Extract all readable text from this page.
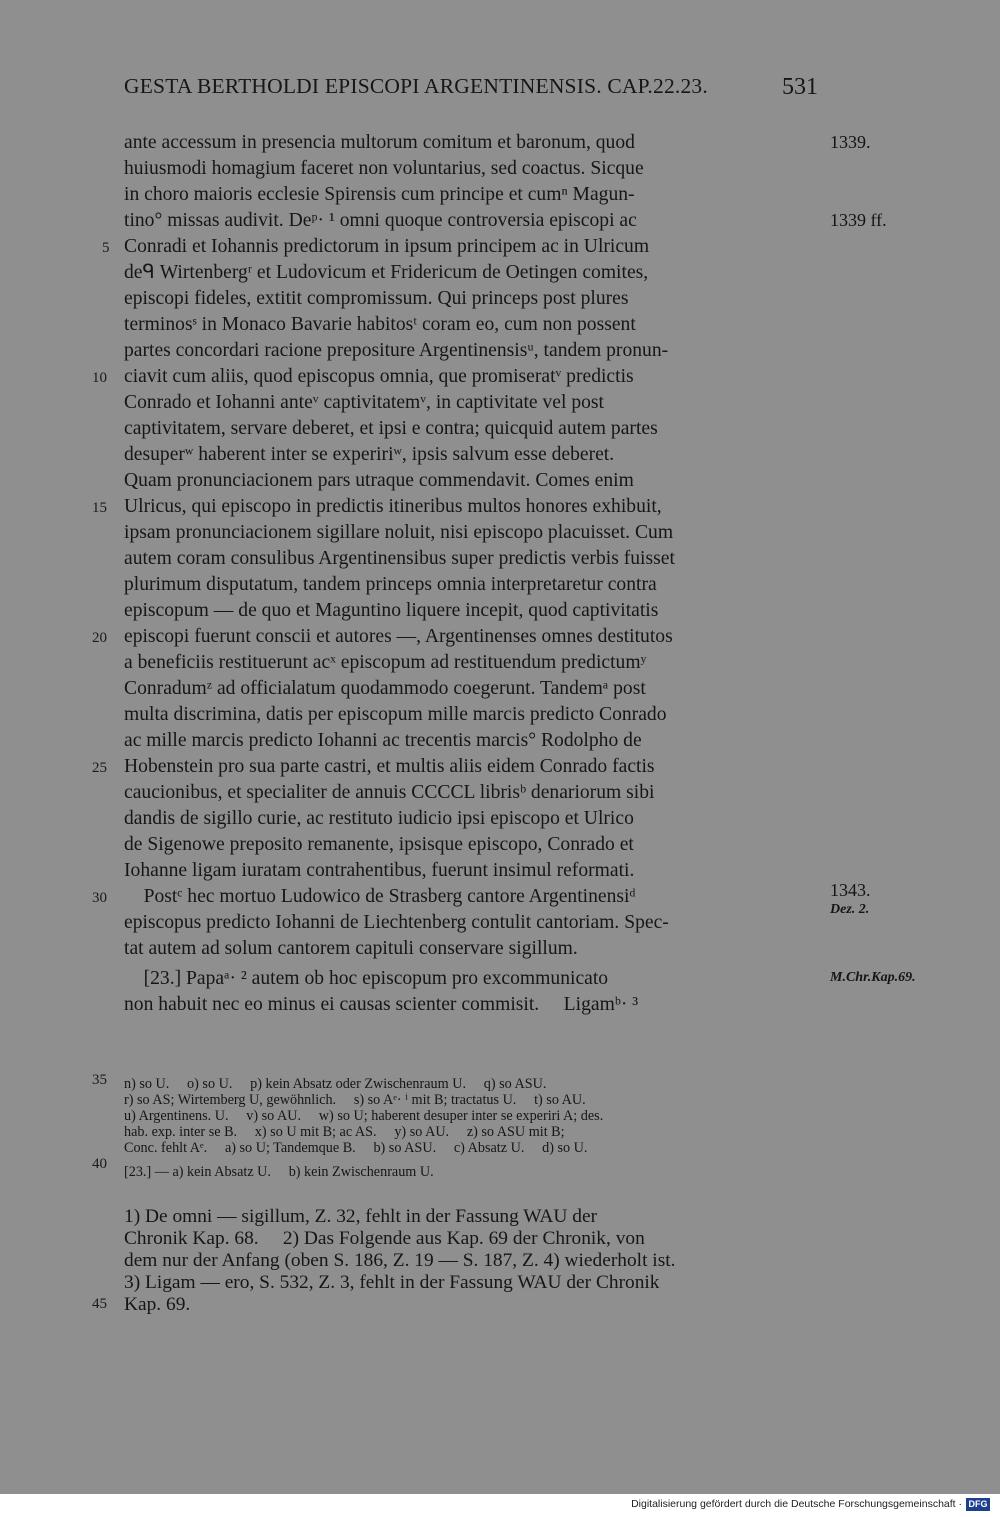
GESTA BERTHOLDI EPISCOPI ARGENTINENSIS. CAP.22.23.	531
ante accessum in presencia multorum comitum et baronum, quod
huiusmodi homagium faceret non voluntarius, sed coactus. Sicque
in choro maioris ecclesie Spirensis cum principe et cumⁿ Magun-
tino° missas audivit. Deᵖ· ¹ omni quoque controversia episcopi ac
Conradi et Iohannis predictorum in ipsum principem ac in Ulricum
deᑫ Wirtenbergʳ et Ludovicum et Fridericum de Oetingen comites,
episcopi fideles, extitit compromissum. Qui princeps post plures
terminosˢ in Monaco Bavarie habitosᵗ coram eo, cum non possent
partes concordari racione prepositure Argentinensisᵘ, tandem pronun-
ciavit cum aliis, quod episcopus omnia, que promiseratᵛ predictis
Conrado et Iohanni anteᵛ captivitatemᵛ, in captivitate vel post
captivitatem, servare deberet, et ipsi e contra; quicquid autem partes
desuperʷ haberent inter se expeririʷ, ipsis salvum esse deberet.
Quam pronunciacionem pars utraque commendavit. Comes enim
Ulricus, qui episcopo in predictis itineribus multos honores exhibuit,
ipsam pronunciacionem sigillare noluit, nisi episcopo placuisset. Cum
autem coram consulibus Argentinensibus super predictis verbis fuisset
plurimum disputatum, tandem princeps omnia interpretaretur contra
episcopum — de quo et Maguntino liquere incepit, quod captivitatis
episcopi fuerunt conscii et autores —, Argentinenses omnes destitutos
a beneficiis restituerunt acˣ episcopum ad restituendum predictumʸ
Conradumᶻ ad officialatum quodammodo coegerunt. Tandemᵃ post
multa discrimina, datis per episcopum mille marcis predicto Conrado
ac mille marcis predicto Iohanni ac trecentis marcis° Rodolpho de
Hobenstein pro sua parte castri, et multis aliis eidem Conrado factis
caucionibus, et specialiter de annuis CCCCL librisᵇ denariorum sibi
dandis de sigillo curie, ac restituto iudicio ipsi episcopo et Ulrico
de Sigenowe preposito remanente, ipsisque episcopo, Conrado et
Iohanne ligam iuratam contrahentibus, fuerunt insimul reformati.
Postᶜ hec mortuo Ludowico de Strasberg cantore Argentinensiᵈ
episcopus predicto Iohanni de Liechtenberg contulit cantoriam. Spec-
tat autem ad solum cantorem capituli conservare sigillum.
[23.] Papaᵃ· ² autem ob hoc episcopum pro excommunicato
non habuit nec eo minus ei causas scienter commisit.     Ligamᵇ· ³
5
10
15
20
25
30
35
40
45
1339.
1339 ff.
1343.
Dez. 2.
M.Chr.Kap.69.
n) so U.     o) so U.     p) kein Absatz oder Zwischenraum U.     q) so ASU.
r) so AS; Wirtemberg U, gewöhnlich.     s) so Aᵉ· ⁱ mit B; tractatus U.     t) so AU.
u) Argentinens. U.     v) so AU.     w) so U; haberent desuper inter se experiri A; des.
hab. exp. inter se B.     x) so U mit B; ac AS.     y) so AU.     z) so ASU mit B;
Conc. fehlt Aᵉ.     a) so U; Tandemque B.     b) so ASU.     c) Absatz U.     d) so U.
[23.] — a) kein Absatz U.     b) kein Zwischenraum U.
1) De omni — sigillum, Z. 32, fehlt in der Fassung WAU der
Chronik Kap. 68.     2) Das Folgende aus Kap. 69 der Chronik, von
dem nur der Anfang (oben S. 186, Z. 19 — S. 187, Z. 4) wiederholt ist.
3) Ligam — ero, S. 532, Z. 3, fehlt in der Fassung WAU der Chronik
Kap. 69.
Digitalisierung gefördert durch die Deutsche Forschungsgemeinschaft · DFG
